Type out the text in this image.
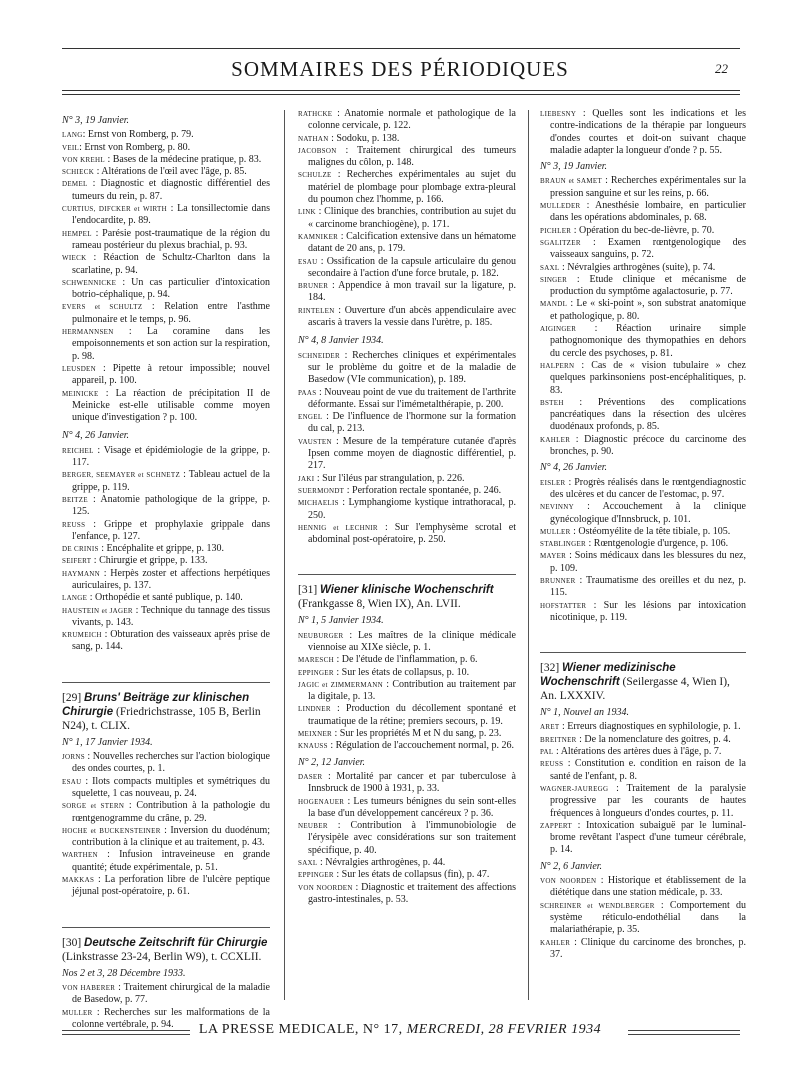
SOMMAIRES DES PÉRIODIQUES	22
N° 3, 19 Janvier.

LANG: Ernst von Romberg, p. 79.

VEIL: Ernst von Romberg, p. 80.

VON KREHL : Bases de la médecine pratique, p. 83.

SCHIECK : Altérations de l'œil avec l'âge, p. 85.

DEMEL : Diagnostic et diagnostic différentiel des tumeurs du rein, p. 87.

CURTIUS, DIFCKER et WIRTH : La tonsillectomie dans l'endocardite, p. 89.

HEMPEL : Parésie post-traumatique de la région du rameau postérieur du plexus brachial, p. 93.

WIECK : Réaction de Schultz-Charlton dans la scarlatine, p. 94.

SCHWENNICKE : Un cas particulier d'intoxication botrio-céphalique, p. 94.

EVERS et SCHULTZ : Relation entre l'asthme pulmonaire et le temps, p. 96.

HERMANNSEN : La coramine dans les empoisonnements et son action sur la respiration, p. 98.

LEUSDEN : Pipette à retour impossible; nouvel appareil, p. 100.

MEINICKE : La réaction de précipitation II de Meinicke est-elle utilisable comme moyen unique d'investigation ? p. 100.

N° 4, 26 Janvier.

REICHEL : Visage et épidémiologie de la grippe, p. 117.

BERGER, SEEMAYER et SCHNETZ : Tableau actuel de la grippe, p. 119.

BEITZE : Anatomie pathologique de la grippe, p. 125.

REUSS : Grippe et prophylaxie grippale dans l'enfance, p. 127.

DE CRINIS : Encéphalite et grippe, p. 130.

SEIFERT : Chirurgie et grippe, p. 133.

HAYMANN : Herpès zoster et affections herpétiques auriculaires, p. 137.

LANGE : Orthopédie et santé publique, p. 140.

HAUSTEIN et JAGER : Technique du tannage des tissus vivants, p. 143.

KRUMEICH : Obturation des vaisseaux après prise de sang, p. 144.

[29] Bruns' Beiträge zur klinischen Chirurgie (Friedrichstrasse, 105 B, Berlin N24), t. CLIX.

N° 1, 17 Janvier 1934.

JORNS : Nouvelles recherches sur l'action biologique des ondes courtes, p. 1.

ESAU : Ilots compacts multiples et symétriques du squelette, 1 cas nouveau, p. 24.

SORGE et STERN : Contribution à la pathologie du rœntgenogramme du crâne, p. 29.

HOCHE et BUCKENSTEINER : Inversion du duodénum; contribution à la clinique et au traitement, p. 43.

WARTHEN : Infusion intraveineuse en grande quantité; étude expérimentale, p. 51.

MAKKAS : La perforation libre de l'ulcère peptique jéjunal post-opératoire, p. 61.

[30] Deutsche Zeitschrift für Chirurgie (Linkstrasse 23-24, Berlin W9), t. CCXLII.

Nos 2 et 3, 28 Décembre 1933.

VON HABERER : Traitement chirurgical de la maladie de Basedow, p. 77.

MULLER : Recherches sur les malformations de la colonne vertébrale, p. 94.

RATHCKE : Anatomie normale et pathologique de la colonne cervicale, p. 122.

NATHAN : Sodoku, p. 138.

JACOBSON : Traitement chirurgical des tumeurs malignes du côlon, p. 148.

SCHULZE : Recherches expérimentales au sujet du matériel de plombage pour plombage extra-pleural du poumon chez l'homme, p. 166.

LINK : Clinique des branchies, contribution au sujet du « carcinome branchiogène), p. 171.

KAMNIKER : Calcification extensive dans un hématome datant de 20 ans, p. 179.

ESAU : Ossification de la capsule articulaire du genou secondaire à l'action d'une force brutale, p. 182.

BRUNER : Appendice à mon travail sur la ligature, p. 184.

RINTELEN : Ouverture d'un abcès appendiculaire avec ascaris à travers la vessie dans l'urètre, p. 185.

N° 4, 8 Janvier 1934.

SCHNEIDER : Recherches cliniques et expérimentales sur le problème du goitre et de la maladie de Basedow (VIe communication), p. 189.

PAAS : Nouveau point de vue du traitement de l'arthrite déformante. Essai sur l'imémetalthérapie, p. 200.

ENGEL : De l'influence de l'hormone sur la formation du cal, p. 213.

VAUSTEN : Mesure de la température cutanée d'après Ipsen comme moyen de diagnostic différentiel, p. 217.

JAKI : Sur l'iléus par strangulation, p. 226.

SUERMONDT : Perforation rectale spontanée, p. 246.

MICHAELIS : Lymphangiome kystique intrathoracal, p. 250.

HENNIG et LECHNIR : Sur l'emphysème scrotal et abdominal post-opératoire, p. 250.

[31] Wiener klinische Wochenschrift (Frankgasse 8, Wien IX), An. LVII.

N° 1, 5 Janvier 1934.

NEUBURGER : Les maîtres de la clinique médicale viennoise au XIXe siècle, p. 1.

MARESCH : De l'étude de l'inflammation, p. 6.

EPPINGER : Sur les états de collapsus, p. 10.

JAGIC et ZIMMERMANN : Contribution au traitement par la digitale, p. 13.

LINDNER : Production du décollement spontané et traumatique de la rétine; premiers secours, p. 19.

MEIXNER : Sur les propriétés M et N du sang, p. 23.

KNAUSS : Régulation de l'accouchement normal, p. 26.

N° 2, 12 Janvier.

DASER : Mortalité par cancer et par tuberculose à Innsbruck de 1900 à 1931, p. 33.

HOGENAUER : Les tumeurs bénignes du sein sont-elles la base d'un développement cancéreux ? p. 36.

NEUBER : Contribution à l'immunobiologie de l'érysipèle avec considérations sur son traitement spécifique, p. 40.

SAXL : Névralgies arthrogènes, p. 44.

EPPINGER : Sur les états de collapsus (fin), p. 47.

VON NOORDEN : Diagnostic et traitement des affections gastro-intestinales, p. 53.

LIEBESNY : Quelles sont les indications et les contre-indications de la thérapie par longueurs d'ondes courtes et doit-on suivant chaque maladie adapter la longueur d'onde ? p. 55.

N° 3, 19 Janvier.

BRAUN et SAMET : Recherches expérimentales sur la pression sanguine et sur les reins, p. 66.

MULLEDER : Anesthésie lombaire, en particulier dans les opérations abdominales, p. 68.

PICHLER : Opération du bec-de-lièvre, p. 70.

SGALITZER : Examen rœntgenologique des vaisseaux sanguins, p. 72.

SAXL : Névralgies arthrogènes (suite), p. 74.

SINGER : Etude clinique et mécanisme de production du symptôme agalactosurie, p. 77.

MANDL : Le « ski-point », son substrat anatomique et pathologique, p. 80.

AIGINGER : Réaction urinaire simple pathognomonique des thymopathies en dehors du cercle des psychoses, p. 81.

HALPERN : Cas de « vision tubulaire » chez quelques parkinsoniens post-encéphalitiques, p. 83.

BSTEH : Préventions des complications pancréatiques dans la résection des ulcères duodénaux profonds, p. 85.

KAHLER : Diagnostic précoce du carcinome des bronches, p. 90.

N° 4, 26 Janvier.

EISLER : Progrès réalisés dans le rœntgendiagnostic des ulcères et du cancer de l'estomac, p. 97.

NEVINNY : Accouchement à la clinique gynécologique d'Innsbruck, p. 101.

MULLER : Ostéomyélite de la tête tibiale, p. 105.

STABLINGER : Rœntgenologie d'urgence, p. 106.

MAYER : Soins médicaux dans les blessures du nez, p. 109.

BRUNNER : Traumatisme des oreilles et du nez, p. 115.

HOFSTATTER : Sur les lésions par intoxication nicotinique, p. 119.

[32] Wiener medizinische Wochenschrift (Seilergasse 4, Wien I), An. LXXXIV.

N° 1, Nouvel an 1934.

ARET : Erreurs diagnostiques en syphilologie, p. 1.

BREITNER : De la nomenclature des goitres, p. 4.

PAL : Altérations des artères dues à l'âge, p. 7.

REUSS : Constitution e. condition en raison de la santé de l'enfant, p. 8.

WAGNER-JAUREGG : Traitement de la paralysie progressive par les courants de hautes fréquences à longueurs d'ondes courtes, p. 11.

ZAPPERT : Intoxication subaiguë par le luminal-brome revêtant l'aspect d'une tumeur cérébrale, p. 14.

N° 2, 6 Janvier.

VON NOORDEN : Historique et établissement de la diététique dans une station médicale, p. 33.

SCHREINER et WENDLBERGER : Comportement du système réticulo-endothélial dans la malariathérapie, p. 35.

KAHLER : Clinique du carcinome des bronches, p. 37.

LA PRESSE MEDICALE, N° 17, MERCREDI, 28 FEVRIER 1934
